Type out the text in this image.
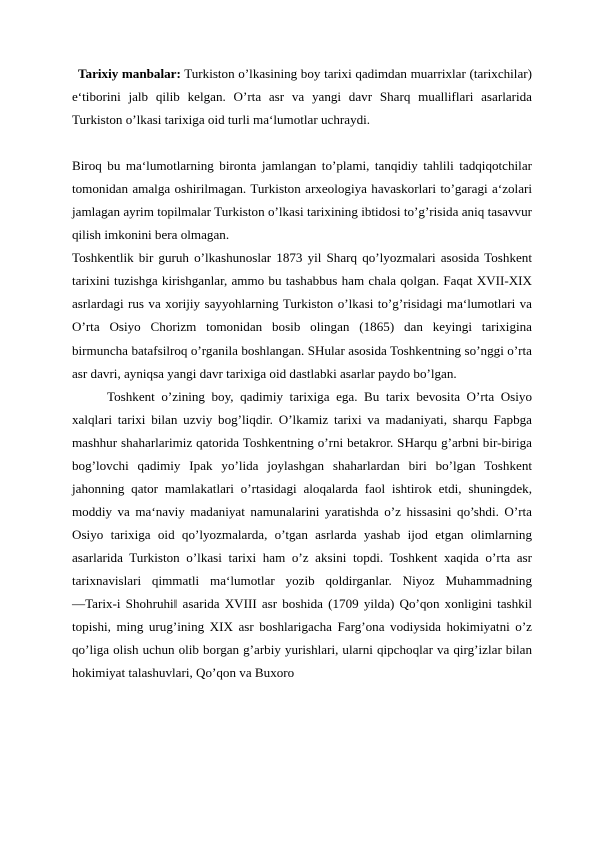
Tarixiy manbalar: Turkiston o’lkasining boy tarixi qadimdan muarrixlar (tarixchilar) e‘tiborini jalb qilib kelgan. O’rta asr va yangi davr Sharq mualliflari asarlarida Turkiston o’lkasi tarixiga oid turli ma‘lumotlar uchraydi.

Biroq bu ma‘lumotlarning bironta jamlangan to’plami, tanqidiy tahlili tadqiqotchilar tomonidan amalga oshirilmagan. Turkiston arxeologiya havaskorlari to’garagi a‘zolari jamlagan ayrim topilmalar Turkiston o’lkasi tarixining ibtidosi to’g’risida aniq tasavvur qilish imkonini bera olmagan.

Toshkentlik bir guruh o’lkashunoslar 1873 yil Sharq qo’lyozmalari asosida Toshkent tarixini tuzishga kirishganlar, ammo bu tashabbus ham chala qolgan. Faqat XVII-XIX asrlardagi rus va xorijiy sayyohlarning Turkiston o’lkasi to’g’risidagi ma‘lumotlari va O’rta Osiyo Chorizm tomonidan bosib olingan (1865) dan keyingi tarixigina birmuncha batafsilroq o’rganila boshlangan. SHular asosida Toshkentning so’nggi o’rta asr davri, ayniqsa yangi davr tarixiga oid dastlabki asarlar paydo bo’lgan.

Toshkent o’zining boy, qadimiy tarixiga ega. Bu tarix bevosita O’rta Osiyo xalqlari tarixi bilan uzviy bog’liqdir. O’lkamiz tarixi va madaniyati, sharqu Fapbga mashhur shaharlarimiz qatorida Toshkentning o’rni betakror. SHarqu g’arbni bir-biriga bog’lovchi qadimiy Ipak yo’lida joylashgan shaharlardan biri bo’lgan Toshkent jahonning qator mamlakatlari o’rtasidagi aloqalarda faol ishtirok etdi, shuningdek, moddiy va ma‘naviy madaniyat namunalarini yaratishda o’z hissasini qo’shdi. O’rta Osiyo tarixiga oid qo’lyozmalarda, o’tgan asrlarda yashab ijod etgan olimlarning asarlarida Turkiston o’lkasi tarixi ham o’z aksini topdi. Toshkent xaqida o’rta asr tarixnavislari qimmatli ma‘lumotlar yozib qoldirganlar. Niyoz Muhammadning ―Tarix-i Shohruhi‖ asarida XVIII asr boshida (1709 yilda) Qo’qon xonligini tashkil topishi, ming urug’ining XIX asr boshlarigacha Farg’ona vodiysida hokimiyatni o’z qo’liga olish uchun olib borgan g’arbiy yurishlari, ularni qipchoqlar va qirg’izlar bilan hokimiyat talashuvlari, Qo’qon va Buxoro
